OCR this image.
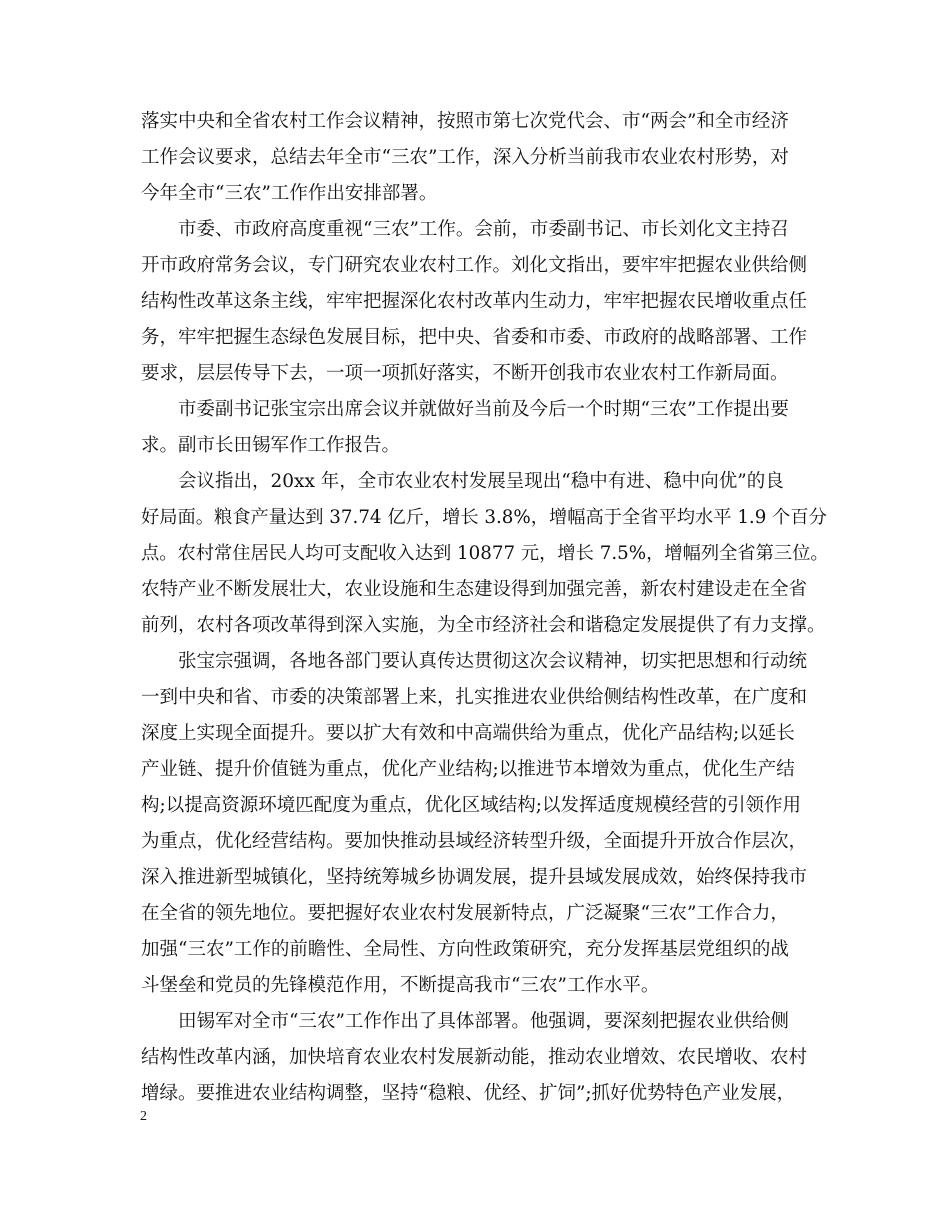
落实中央和全省农村工作会议精神，按照市第七次党代会、市“两会”和全市经济
工作会议要求，总结去年全市“三农”工作，深入分析当前我市农业农村形势，对
今年全市“三农”工作作出安排部署。
市委、市政府高度重视“三农”工作。会前，市委副书记、市长刘化文主持召
开市政府常务会议，专门研究农业农村工作。刘化文指出，要牢牢把握农业供给侧
结构性改革这条主线，牢牢把握深化农村改革内生动力，牢牢把握农民增收重点任
务，牢牢把握生态绿色发展目标，把中央、省委和市委、市政府的战略部署、工作
要求，层层传导下去，一项一项抓好落实，不断开创我市农业农村工作新局面。
市委副书记张宝宗出席会议并就做好当前及今后一个时期“三农”工作提出要
求。副市长田锡军作工作报告。
会议指出，20xx 年，全市农业农村发展呈现出“稳中有进、稳中向优”的良
好局面。粮食产量达到 37.74 亿斤，增长 3.8%，增幅高于全省平均水平 1.9 个百分
点。农村常住居民人均可支配收入达到 10877 元，增长 7.5%，增幅列全省第三位。
农特产业不断发展壮大，农业设施和生态建设得到加强完善，新农村建设走在全省
前列，农村各项改革得到深入实施，为全市经济社会和谐稳定发展提供了有力支撑。
张宝宗强调，各地各部门要认真传达贯彻这次会议精神，切实把思想和行动统
一到中央和省、市委的决策部署上来，扎实推进农业供给侧结构性改革，在广度和
深度上实现全面提升。要以扩大有效和中高端供给为重点，优化产品结构;以延长
产业链、提升价值链为重点，优化产业结构;以推进节本增效为重点，优化生产结
构;以提高资源环境匹配度为重点，优化区域结构;以发挥适度规模经营的引领作用
为重点，优化经营结构。要加快推动县域经济转型升级，全面提升开放合作层次，
深入推进新型城镇化，坚持统筹城乡协调发展，提升县域发展成效，始终保持我市
在全省的领先地位。要把握好农业农村发展新特点，广泛凝聚“三农”工作合力，
加强“三农”工作的前瞻性、全局性、方向性政策研究，充分发挥基层党组织的战
斗堡垒和党员的先锋模范作用，不断提高我市“三农”工作水平。
田锡军对全市“三农”工作作出了具体部署。他强调，要深刻把握农业供给侧
结构性改革内涵，加快培育农业农村发展新动能，推动农业增效、农民增收、农村
增绿。要推进农业结构调整，坚持“稳粮、优经、扩饲”;抓好优势特色产业发展，
2
